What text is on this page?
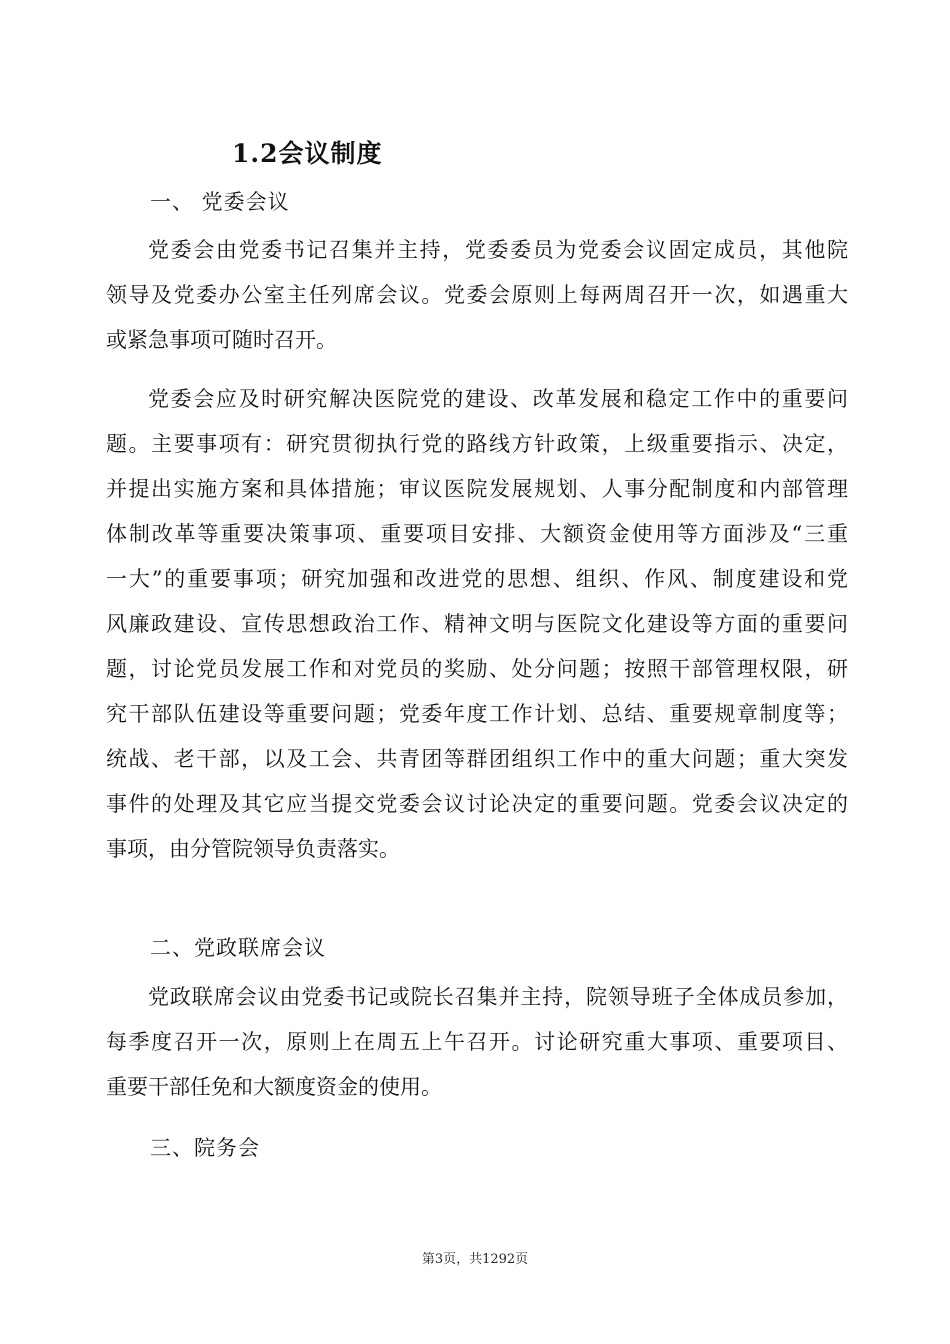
1.2会议制度
一、 党委会议
党委会由党委书记召集并主持，党委委员为党委会议固定成员，其他院
领导及党委办公室主任列席会议。党委会原则上每两周召开一次，如遇重大
或紧急事项可随时召开。
党委会应及时研究解决医院党的建设、改革发展和稳定工作中的重要问
题。主要事项有：研究贯彻执行党的路线方针政策，上级重要指示、决定，
并提出实施方案和具体措施；审议医院发展规划、人事分配制度和内部管理
体制改革等重要决策事项、重要项目安排、大额资金使用等方面涉及“三重
一大”的重要事项；研究加强和改进党的思想、组织、作风、制度建设和党
风廉政建设、宣传思想政治工作、精神文明与医院文化建设等方面的重要问
题，讨论党员发展工作和对党员的奖励、处分问题；按照干部管理权限，研
究干部队伍建设等重要问题；党委年度工作计划、总结、重要规章制度等；
统战、老干部，以及工会、共青团等群团组织工作中的重大问题；重大突发
事件的处理及其它应当提交党委会议讨论决定的重要问题。党委会议决定的
事项，由分管院领导负责落实。
二、党政联席会议
党政联席会议由党委书记或院长召集并主持，院领导班子全体成员参加，
每季度召开一次，原则上在周五上午召开。讨论研究重大事项、重要项目、
重要干部任免和大额度资金的使用。
三、院务会
第3页，共1292页
